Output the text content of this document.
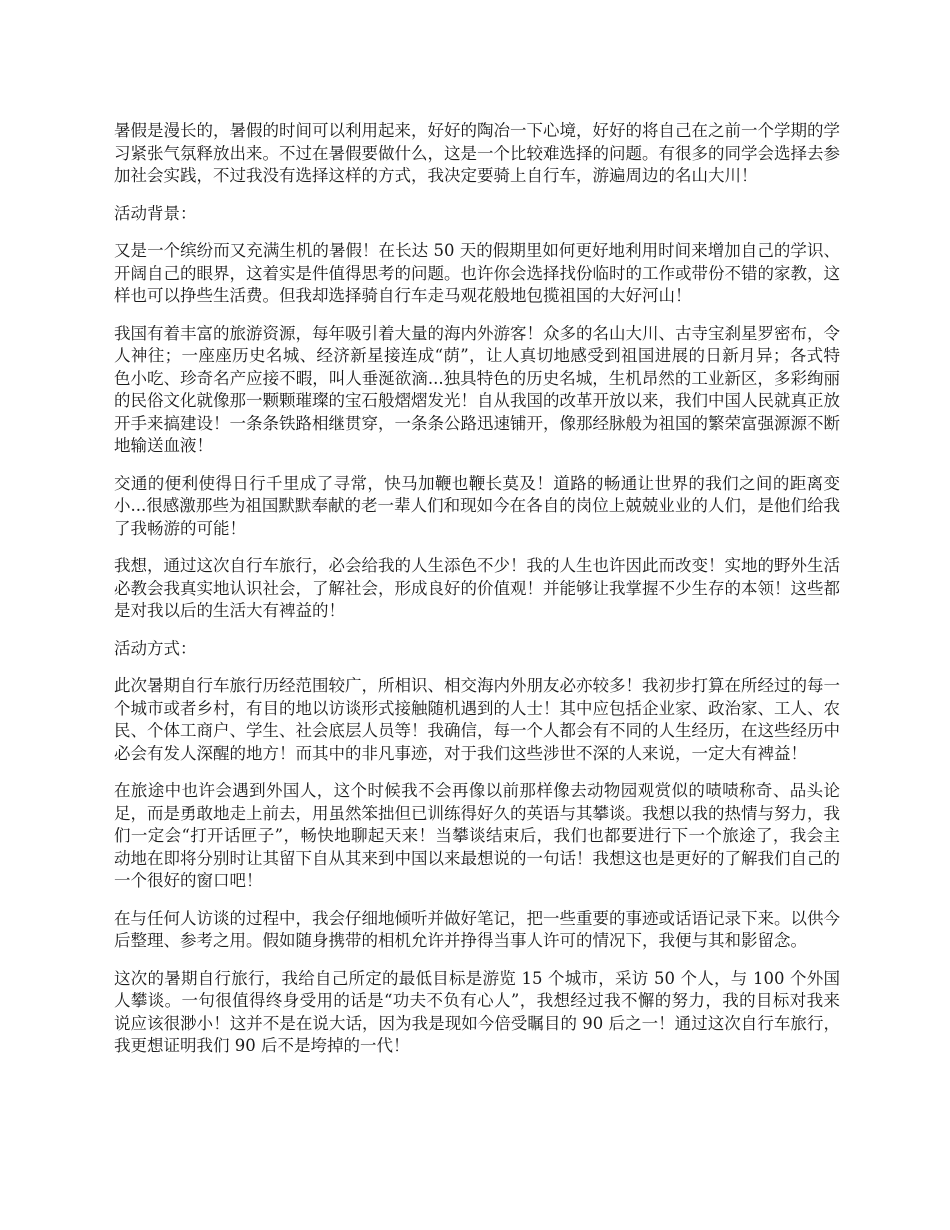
暑假是漫长的，暑假的时间可以利用起来，好好的陶冶一下心境，好好的将自己在之前一个学期的学习紧张气氛释放出来。不过在暑假要做什么，这是一个比较难选择的问题。有很多的同学会选择去参加社会实践，不过我没有选择这样的方式，我决定要骑上自行车，游遍周边的名山大川！

活动背景：

又是一个缤纷而又充满生机的暑假！在长达 50 天的假期里如何更好地利用时间来增加自己的学识、开阔自己的眼界，这着实是件值得思考的问题。也许你会选择找份临时的工作或带份不错的家教，这样也可以挣些生活费。但我却选择骑自行车走马观花般地包揽祖国的大好河山！

我国有着丰富的旅游资源，每年吸引着大量的海内外游客！众多的名山大川、古寺宝刹星罗密布，令人神往；一座座历史名城、经济新星接连成“荫”，让人真切地感受到祖国进展的日新月异；各式特色小吃、珍奇名产应接不暇，叫人垂涎欲滴...独具特色的历史名城，生机昂然的工业新区，多彩绚丽的民俗文化就像那一颗颗璀璨的宝石般熠熠发光！自从我国的改革开放以来，我们中国人民就真正放开手来搞建设！一条条铁路相继贯穿，一条条公路迅速铺开，像那经脉般为祖国的繁荣富强源源不断地输送血液！

交通的便利使得日行千里成了寻常，快马加鞭也鞭长莫及！道路的畅通让世界的我们之间的距离变小...很感激那些为祖国默默奉献的老一辈人们和现如今在各自的岗位上兢兢业业的人们，是他们给我了我畅游的可能！

我想，通过这次自行车旅行，必会给我的人生添色不少！我的人生也许因此而改变！实地的野外生活必教会我真实地认识社会，了解社会，形成良好的价值观！并能够让我掌握不少生存的本领！这些都是对我以后的生活大有裨益的！

活动方式：

此次暑期自行车旅行历经范围较广，所相识、相交海内外朋友必亦较多！我初步打算在所经过的每一个城市或者乡村，有目的地以访谈形式接触随机遇到的人士！其中应包括企业家、政治家、工人、农民、个体工商户、学生、社会底层人员等！我确信，每一个人都会有不同的人生经历，在这些经历中必会有发人深醒的地方！而其中的非凡事迹，对于我们这些涉世不深的人来说，一定大有裨益！

在旅途中也许会遇到外国人，这个时候我不会再像以前那样像去动物园观赏似的啧啧称奇、品头论足，而是勇敢地走上前去，用虽然笨拙但已训练得好久的英语与其攀谈。我想以我的热情与努力，我们一定会“打开话匣子”，畅快地聊起天来！当攀谈结束后，我们也都要进行下一个旅途了，我会主动地在即将分别时让其留下自从其来到中国以来最想说的一句话！我想这也是更好的了解我们自己的一个很好的窗口吧！

在与任何人访谈的过程中，我会仔细地倾听并做好笔记，把一些重要的事迹或话语记录下来。以供今后整理、参考之用。假如随身携带的相机允许并挣得当事人许可的情况下，我便与其和影留念。

这次的暑期自行旅行，我给自己所定的最低目标是游览 15 个城市，采访 50 个人，与 100 个外国人攀谈。一句很值得终身受用的话是“功夫不负有心人”，我想经过我不懈的努力，我的目标对我来说应该很渺小！这并不是在说大话，因为我是现如今倍受瞩目的 90 后之一！通过这次自行车旅行，我更想证明我们 90 后不是垮掉的一代！
